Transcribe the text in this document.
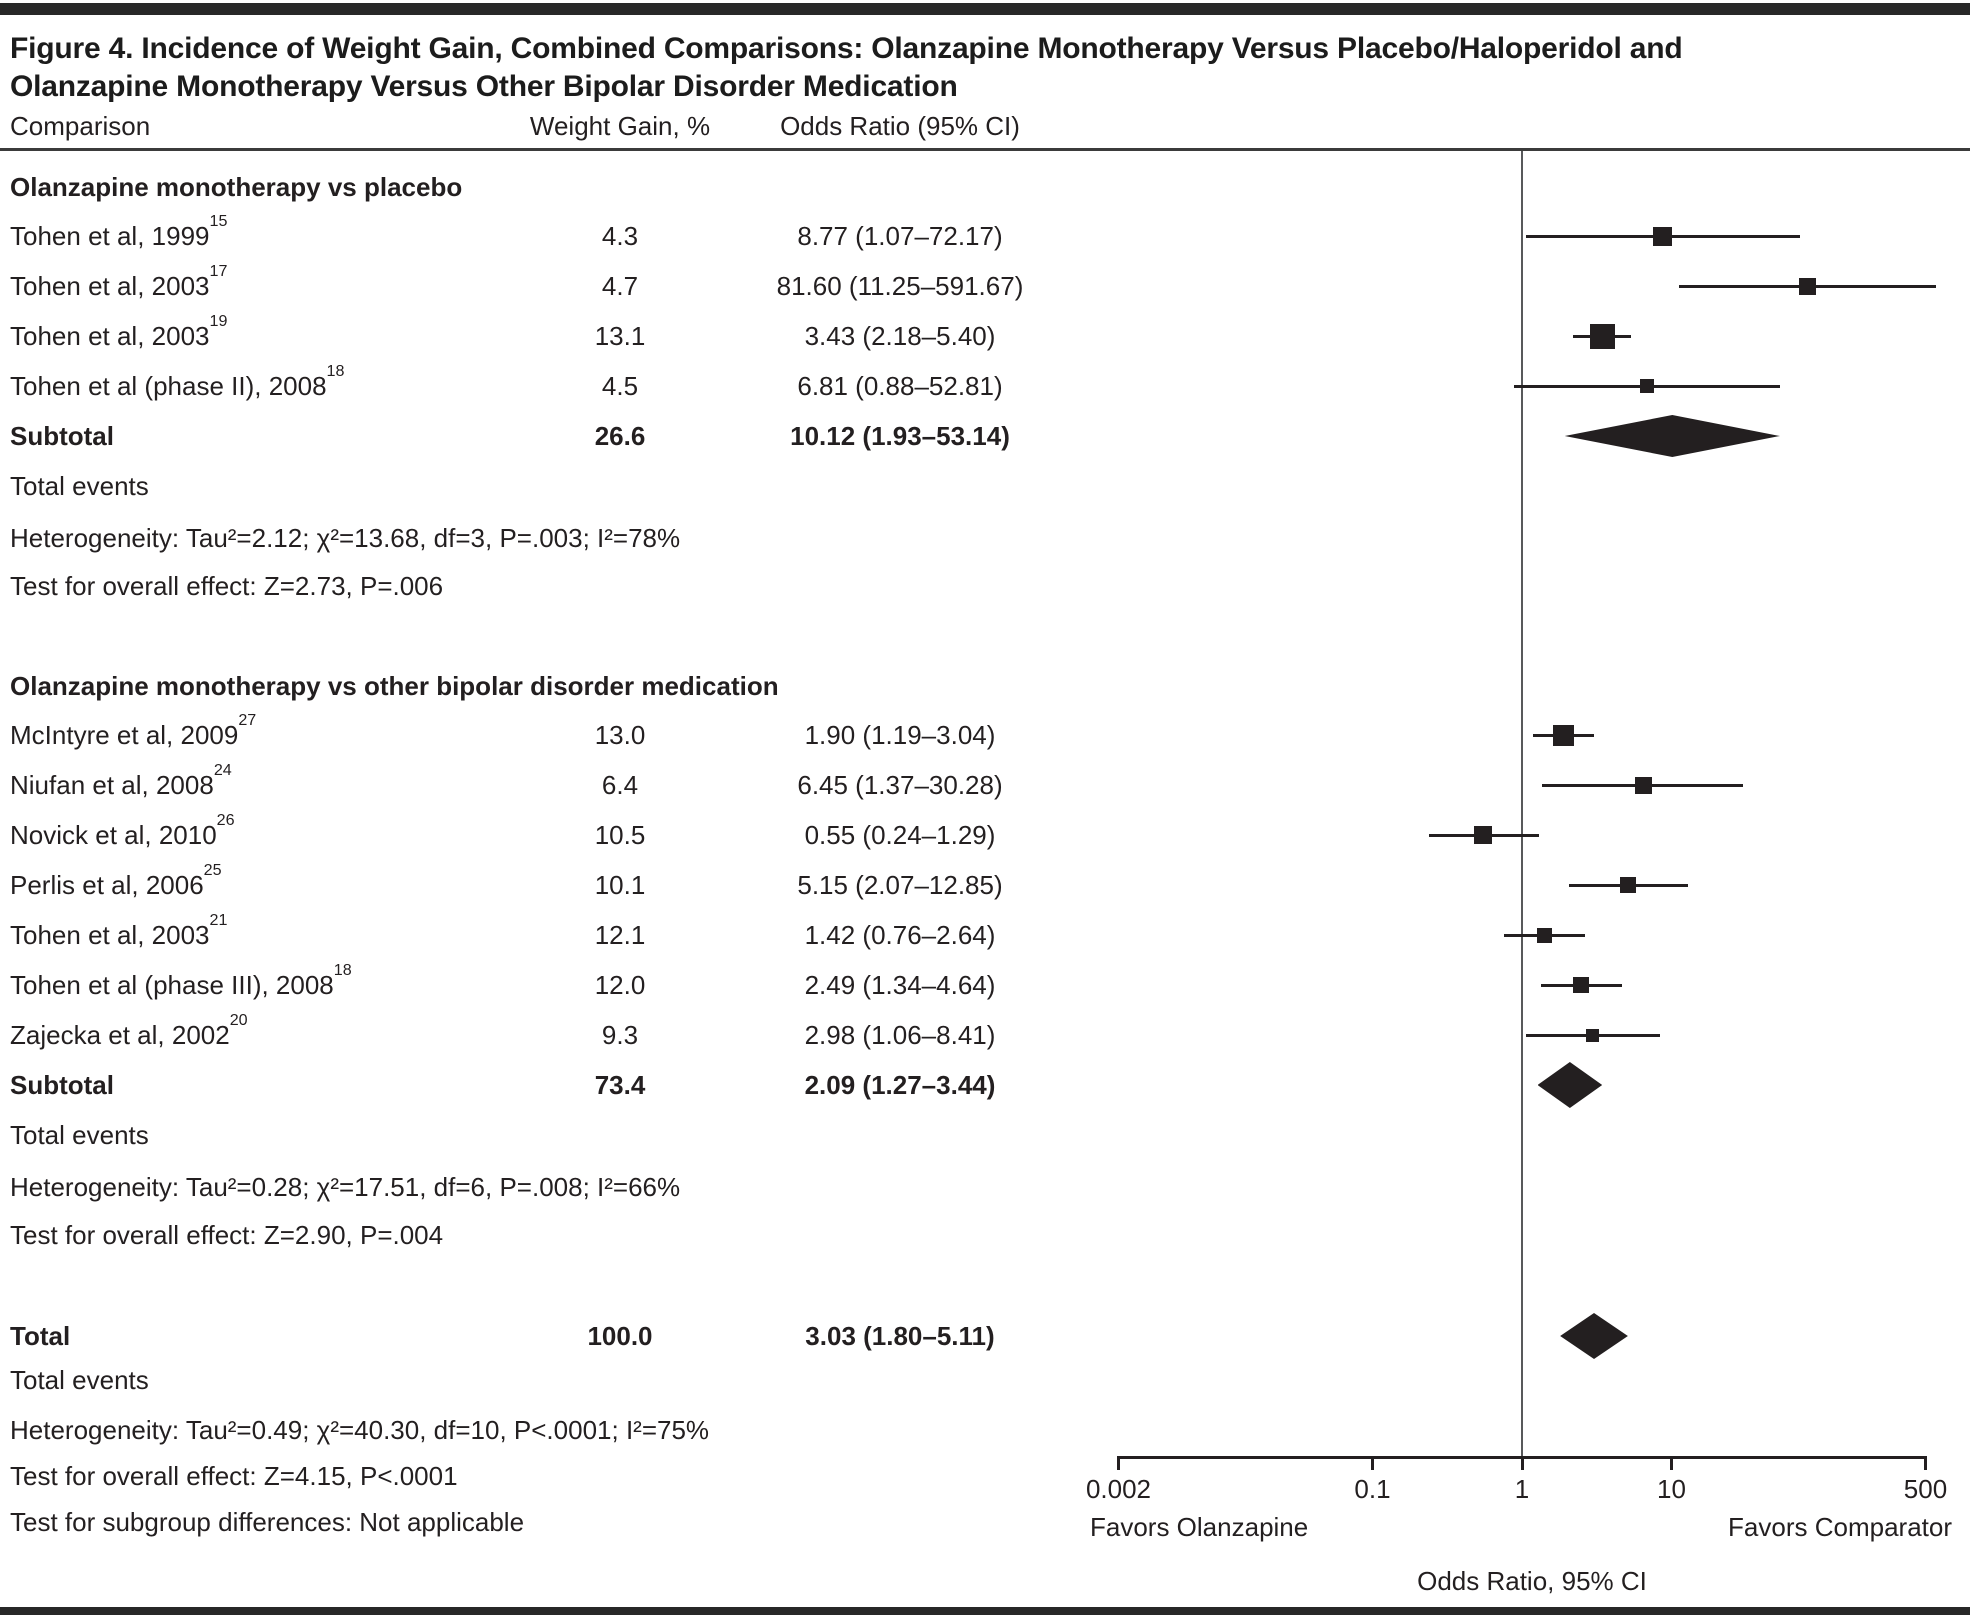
Figure 4. Incidence of Weight Gain, Combined Comparisons: Olanzapine Monotherapy Versus Placebo/Haloperidol and
Olanzapine Monotherapy Versus Other Bipolar Disorder Medication
Comparison	Weight Gain, %	Odds Ratio (95% CI)
Olanzapine monotherapy vs placebo
Tohen et al, 1999$^{15}$	4.3	8.77 (1.07–72.17)
Tohen et al, 2003$^{17}$	4.7	81.60 (11.25–591.67)
Tohen et al, 2003$^{19}$	13.1	3.43 (2.18–5.40)
Tohen et al (phase II), 2008$^{18}$	4.5	6.81 (0.88–52.81)
Subtotal	26.6	10.12 (1.93–53.14)
Total events
Heterogeneity: Tau²=2.12; χ²=13.68, df=3, P=.003; I²=78%
Test for overall effect: Z=2.73, P=.006
Olanzapine monotherapy vs other bipolar disorder medication
McIntyre et al, 2009$^{27}$	13.0	1.90 (1.19–3.04)
Niufan et al, 2008$^{24}$	6.4	6.45 (1.37–30.28)
Novick et al, 2010$^{26}$	10.5	0.55 (0.24–1.29)
Perlis et al, 2006$^{25}$	10.1	5.15 (2.07–12.85)
Tohen et al, 2003$^{21}$	12.1	1.42 (0.76–2.64)
Tohen et al (phase III), 2008$^{18}$	12.0	2.49 (1.34–4.64)
Zajecka et al, 2002$^{20}$	9.3	2.98 (1.06–8.41)
Subtotal	73.4	2.09 (1.27–3.44)
Total events
Heterogeneity: Tau²=0.28; χ²=17.51, df=6, P=.008; I²=66%
Test for overall effect: Z=2.90, P=.004
Total	100.0	3.03 (1.80–5.11)
Total events
Heterogeneity: Tau²=0.49; χ²=40.30, df=10, P<.0001; I²=75%
Test for overall effect: Z=4.15, P<.0001
Test for subgroup differences: Not applicable
0.002	0.1	1	10	500
Favors Olanzapine	Favors Comparator
Odds Ratio, 95% CI
